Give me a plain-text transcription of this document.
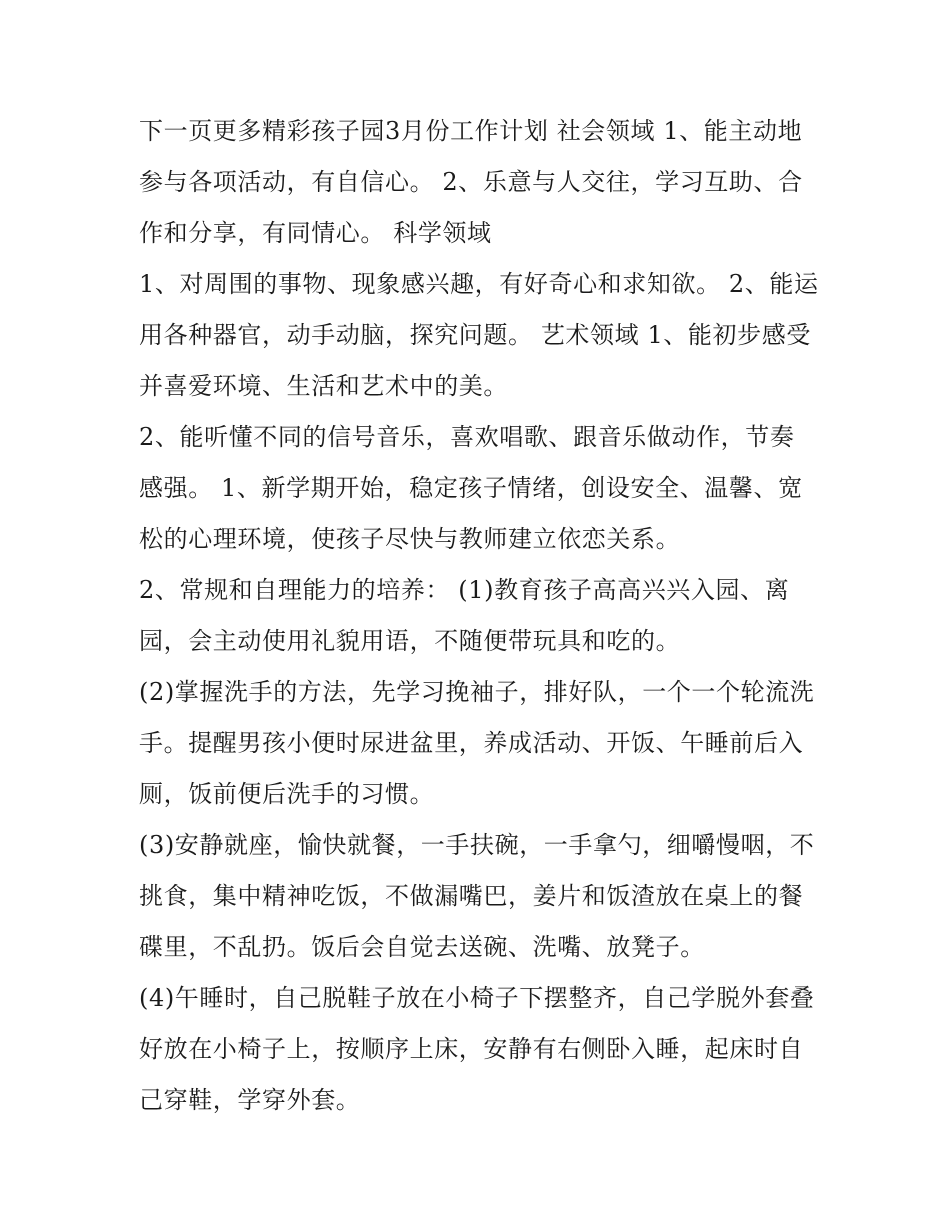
下一页更多精彩孩子园3月份工作计划 社会领域 1、能主动地参与各项活动，有自信心。 2、乐意与人交往，学习互助、合作和分享，有同情心。 科学领域

1、对周围的事物、现象感兴趣，有好奇心和求知欲。 2、能运用各种器官，动手动脑，探究问题。 艺术领域 1、能初步感受并喜爱环境、生活和艺术中的美。

2、能听懂不同的信号音乐，喜欢唱歌、跟音乐做动作，节奏感强。 1、新学期开始，稳定孩子情绪，创设安全、温馨、宽松的心理环境，使孩子尽快与教师建立依恋关系。

2、常规和自理能力的培养： (1)教育孩子高高兴兴入园、离园，会主动使用礼貌用语，不随便带玩具和吃的。

(2)掌握洗手的方法，先学习挽袖子，排好队，一个一个轮流洗手。提醒男孩小便时尿进盆里，养成活动、开饭、午睡前后入厕，饭前便后洗手的习惯。

(3)安静就座，愉快就餐，一手扶碗，一手拿勺，细嚼慢咽，不挑食，集中精神吃饭，不做漏嘴巴，姜片和饭渣放在桌上的餐碟里，不乱扔。饭后会自觉去送碗、洗嘴、放凳子。

(4)午睡时，自己脱鞋子放在小椅子下摆整齐，自己学脱外套叠好放在小椅子上，按顺序上床，安静有右侧卧入睡，起床时自己穿鞋，学穿外套。
